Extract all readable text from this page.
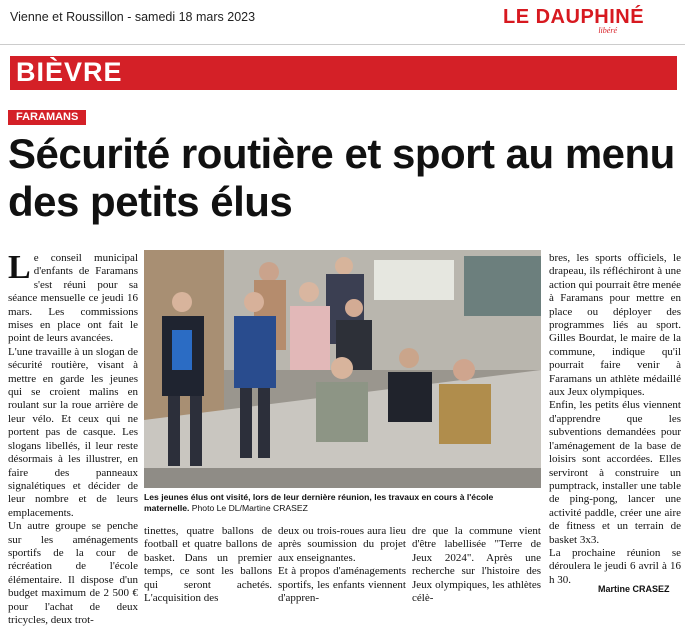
Vienne et Roussillon - samedi 18 mars 2023	LE DAUPHINÉ
libéré
BIÈVRE
FARAMANS
Sécurité routière et sport au menu des petits élus

Le conseil municipal d'enfants de Faramans s'est réuni pour sa séance mensuelle ce jeudi 16 mars. Les commissions mises en place ont fait le point de leurs avancées.

L'une travaille à un slogan de sécurité routière, visant à mettre en garde les jeunes qui se croient malins en roulant sur la roue arrière de leur vélo. Et ceux qui ne portent pas de casque. Les slogans libellés, il leur reste désormais à les illustrer, en faire des panneaux signalétiques et décider de leur nombre et de leurs emplacements.

Un autre groupe se penche sur les aménagements sportifs de la cour de récréation de l'école élémentaire. Il dispose d'un budget maximum de 2 500 € pour l'achat de deux tricycles, deux trot-

Les jeunes élus ont visité, lors de leur dernière réunion, les travaux en cours à l'école maternelle. Photo Le DL/Martine CRASEZ

tinettes, quatre ballons de football et quatre ballons de basket. Dans un premier temps, ce sont les ballons qui seront achetés. L'acquisition des

deux ou trois-roues aura lieu après soumission du projet aux enseignantes.

Et à propos d'aménagements sportifs, les enfants viennent d'appren-

dre que la commune vient d'être labellisée "Terre de Jeux 2024". Après une recherche sur l'histoire des Jeux olympiques, les athlètes célè-

bres, les sports officiels, le drapeau, ils réfléchiront à une action qui pourrait être menée à Faramans pour mettre en place ou déployer des programmes liés au sport. Gilles Bourdat, le maire de la commune, indique qu'il pourrait faire venir à Faramans un athlète médaillé aux Jeux olympiques.

Enfin, les petits élus viennent d'apprendre que les subventions demandées pour l'aménagement de la base de loisirs sont accordées. Elles serviront à construire un pumptrack, installer une table de ping-pong, lancer une activité paddle, créer une aire de fitness et un terrain de basket 3x3.

La prochaine réunion se déroulera le jeudi 6 avril à 16 h 30.

Martine CRASEZ
